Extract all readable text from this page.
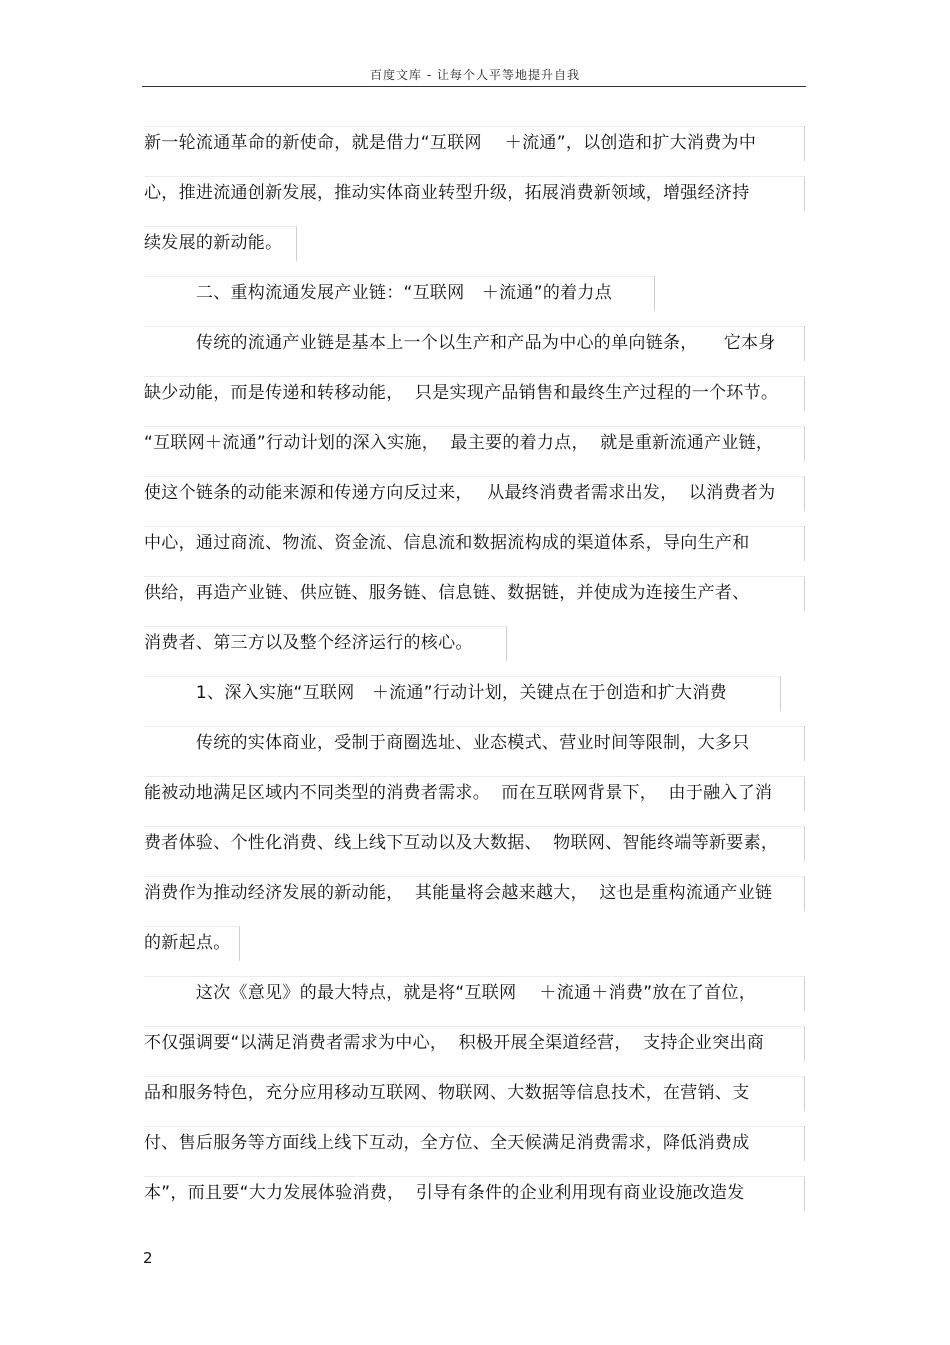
百度文库 - 让每个人平等地提升自我
新一轮流通革命的新使命，就是借力“互联网　 ＋流通”，以创造和扩大消费为中
心，推进流通创新发展，推动实体商业转型升级，拓展消费新领域，增强经济持
续发展的新动能。
　　　二、重构流通发展产业链：“互联网　＋流通”的着力点
　　　传统的流通产业链是基本上一个以生产和产品为中心的单向链条，　　它本身
缺少动能，而是传递和转移动能，  只是实现产品销售和最终生产过程的一个环节。
“互联网＋流通”行动计划的深入实施，  最主要的着力点，  就是重新流通产业链，
使这个链条的动能来源和传递方向反过来，　 从最终消费者需求出发，  以消费者为
中心，通过商流、物流、资金流、信息流和数据流构成的渠道体系，导向生产和
供给，再造产业链、供应链、服务链、信息链、数据链，并使成为连接生产者、
消费者、第三方以及整个经济运行的核心。
　　　1、深入实施“互联网　＋流通”行动计划，关键点在于创造和扩大消费
　　　传统的实体商业，受制于商圈选址、业态模式、营业时间等限制，大多只
能被动地满足区域内不同类型的消费者需求。  而在互联网背景下，  由于融入了消
费者体验、个性化消费、线上线下互动以及大数据、  物联网、智能终端等新要素，
消费作为推动经济发展的新动能，  其能量将会越来越大，  这也是重构流通产业链
的新起点。
　　　这次《意见》的最大特点，就是将“互联网　 ＋流通＋消费”放在了首位，
不仅强调要“以满足消费者需求为中心，  积极开展全渠道经营，  支持企业突出商
品和服务特色，充分应用移动互联网、物联网、大数据等信息技术，在营销、支
付、售后服务等方面线上线下互动，全方位、全天候满足消费需求，降低消费成
本”，而且要“大力发展体验消费，  引导有条件的企业利用现有商业设施改造发
2
